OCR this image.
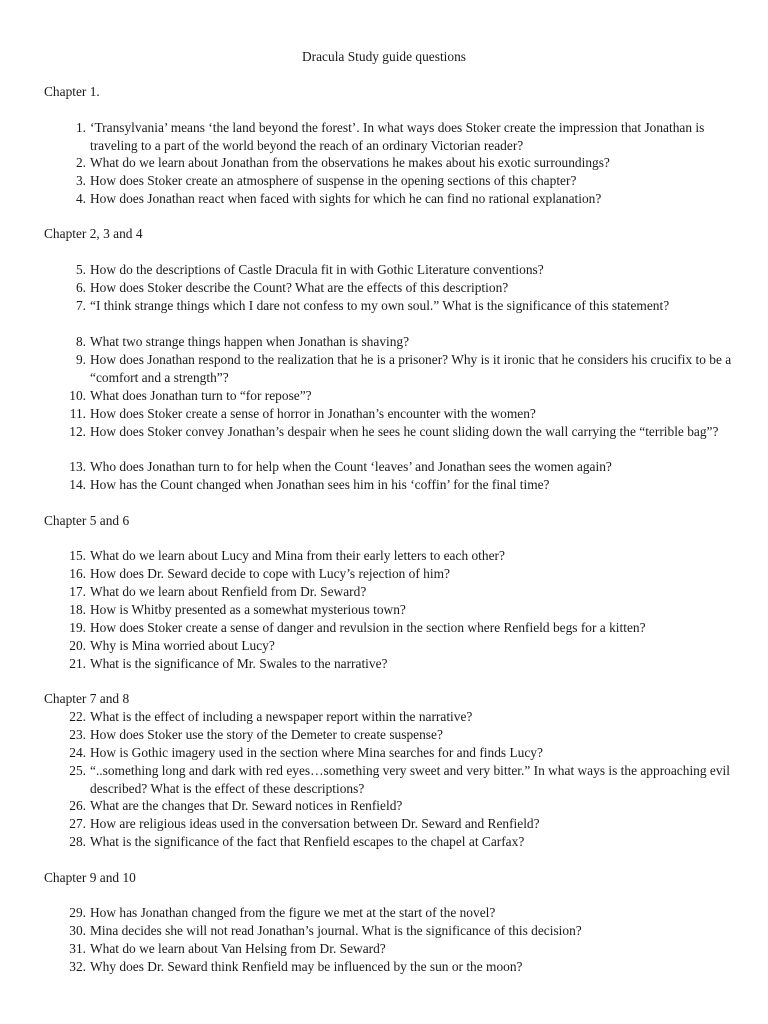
Dracula Study guide questions
Chapter 1.
1. ‘Transylvania’ means ‘the land beyond the forest’. In what ways does Stoker create the impression that Jonathan is traveling to a part of the world beyond the reach of an ordinary Victorian reader?
2. What do we learn about Jonathan from the observations he makes about his exotic surroundings?
3. How does Stoker create an atmosphere of suspense in the opening sections of this chapter?
4. How does Jonathan react when faced with sights for which he can find no rational explanation?
Chapter 2, 3 and 4
5. How do the descriptions of Castle Dracula fit in with Gothic Literature conventions?
6. How does Stoker describe the Count? What are the effects of this description?
7. “I think strange things which I dare not confess to my own soul.” What is the significance of this statement?
8. What two strange things happen when Jonathan is shaving?
9. How does Jonathan respond to the realization that he is a prisoner? Why is it ironic that he considers his crucifix to be a “comfort and a strength”?
10. What does Jonathan turn to “for repose”?
11. How does Stoker create a sense of horror in Jonathan’s encounter with the women?
12. How does Stoker convey Jonathan’s despair when he sees he count sliding down the wall carrying the “terrible bag”?
13. Who does Jonathan turn to for help when the Count ‘leaves’ and Jonathan sees the women again?
14. How has the Count changed when Jonathan sees him in his ‘coffin’ for the final time?
Chapter 5 and 6
15. What do we learn about Lucy and Mina from their early letters to each other?
16. How does Dr. Seward decide to cope with Lucy’s rejection of him?
17. What do we learn about Renfield from Dr. Seward?
18. How is Whitby presented as a somewhat mysterious town?
19. How does Stoker create a sense of danger and revulsion in the section where Renfield begs for a kitten?
20. Why is Mina worried about Lucy?
21. What is the significance of Mr. Swales to the narrative?
Chapter 7 and 8
22. What is the effect of including a newspaper report within the narrative?
23. How does Stoker use the story of the Demeter to create suspense?
24. How is Gothic imagery used in the section where Mina searches for and finds Lucy?
25. “..something long and dark with red eyes…something very sweet and very bitter.” In what ways is the approaching evil described? What is the effect of these descriptions?
26. What are the changes that Dr. Seward notices in Renfield?
27. How are religious ideas used in the conversation between Dr. Seward and Renfield?
28. What is the significance of the fact that Renfield escapes to the chapel at Carfax?
Chapter 9 and 10
29. How has Jonathan changed from the figure we met at the start of the novel?
30. Mina decides she will not read Jonathan’s journal. What is the significance of this decision?
31. What do we learn about Van Helsing from Dr. Seward?
32. Why does Dr. Seward think Renfield may be influenced by the sun or the moon?
